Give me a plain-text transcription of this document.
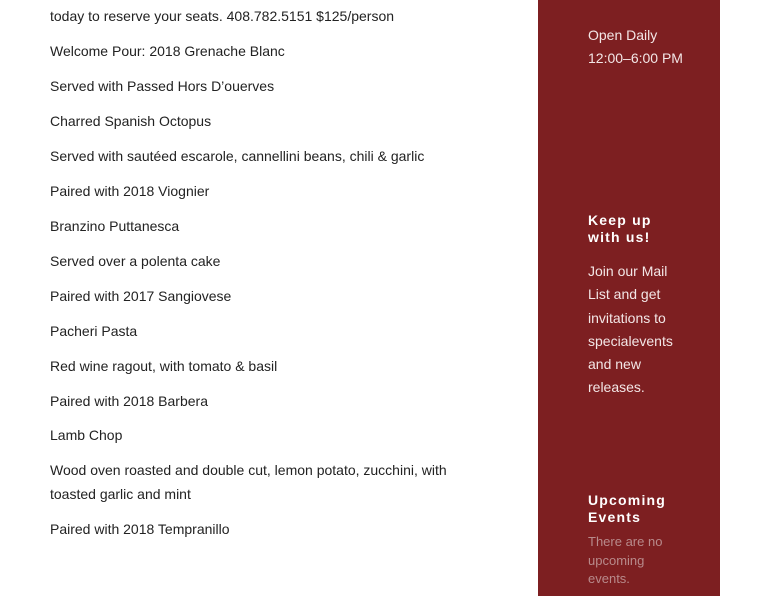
today to reserve your seats. 408.782.5151 $125/person

Welcome Pour: 2018 Grenache Blanc

Served with Passed Hors D’ouerves

Charred Spanish Octopus

Served with sautéed escarole, cannellini beans, chili & garlic

Paired with 2018 Viognier

Branzino Puttanesca

Served over a polenta cake

Paired with 2017 Sangiovese

Pacheri Pasta

Red wine ragout, with tomato & basil

Paired with 2018 Barbera

Lamb Chop

Wood oven roasted and double cut, lemon potato, zucchini, with toasted garlic and mint

Paired with 2018 Tempranillo

Open Daily 12:00–6:00 PM
Keep up with us!

Join our Mail List and get invitations to specialevents and new releases.

Upcoming Events

There are no upcoming events.
